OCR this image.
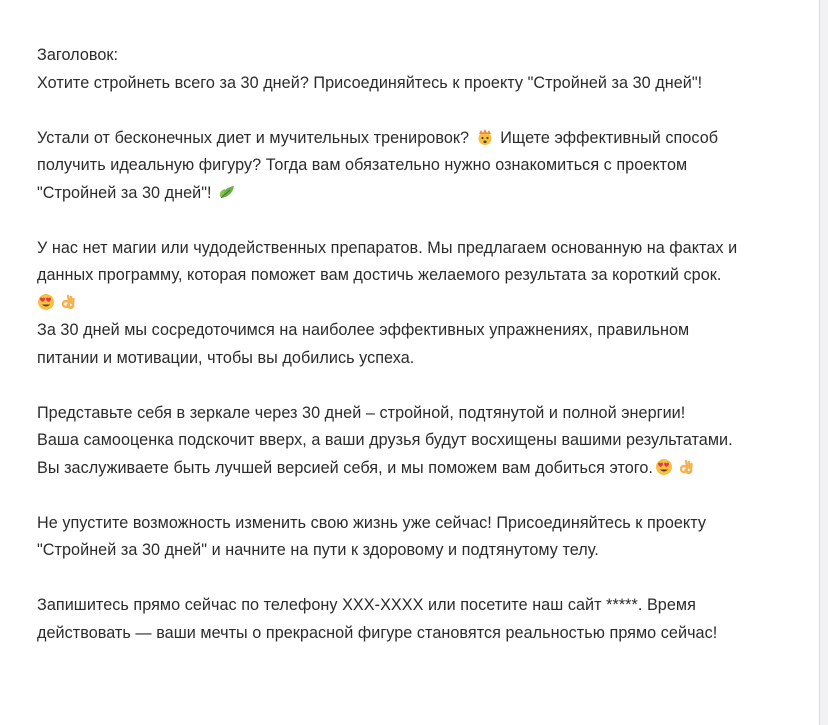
Заголовок:
Хотите стройнеть всего за 30 дней? Присоединяйтесь к проекту "Стройней за 30 дней"!
Устали от бесконечных диет и мучительных тренировок? Ищете эффективный способ
получить идеальную фигуру? Тогда вам обязательно нужно ознакомиться с проектом
"Стройней за 30 дней"!
У нас нет магии или чудодейственных препаратов. Мы предлагаем основанную на фактах и
данных программу, которая поможет вам достичь желаемого результата за короткий срок.
За 30 дней мы сосредоточимся на наиболее эффективных упражнениях, правильном
питании и мотивации, чтобы вы добились успеха.
Представьте себя в зеркале через 30 дней – стройной, подтянутой и полной энергии!
Ваша самооценка подскочит вверх, а ваши друзья будут восхищены вашими результатами.
Вы заслуживаете быть лучшей версией себя, и мы поможем вам добиться этого.
Не упустите возможность изменить свою жизнь уже сейчас! Присоединяйтесь к проекту
"Стройней за 30 дней" и начните на пути к здоровому и подтянутому телу.
Запишитесь прямо сейчас по телефону XXX-XXXX или посетите наш сайт *****. Время
действовать — ваши мечты о прекрасной фигуре становятся реальностью прямо сейчас!
